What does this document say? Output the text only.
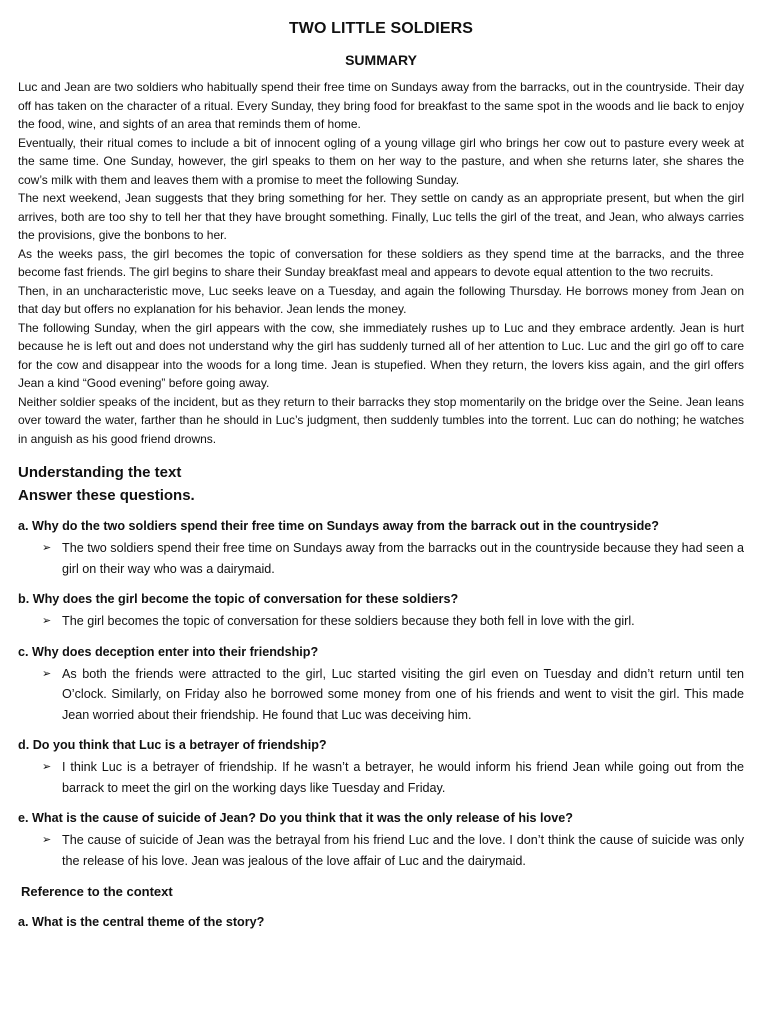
TWO LITTLE SOLDIERS
SUMMARY

Luc and Jean are two soldiers who habitually spend their free time on Sundays away from the barracks, out in the countryside. Their day off has taken on the character of a ritual. Every Sunday, they bring food for breakfast to the same spot in the woods and lie back to enjoy the food, wine, and sights of an area that reminds them of home.

Eventually, their ritual comes to include a bit of innocent ogling of a young village girl who brings her cow out to pasture every week at the same time. One Sunday, however, the girl speaks to them on her way to the pasture, and when she returns later, she shares the cow’s milk with them and leaves them with a promise to meet the following Sunday.

The next weekend, Jean suggests that they bring something for her. They settle on candy as an appropriate present, but when the girl arrives, both are too shy to tell her that they have brought something. Finally, Luc tells the girl of the treat, and Jean, who always carries the provisions, give the bonbons to her.

As the weeks pass, the girl becomes the topic of conversation for these soldiers as they spend time at the barracks, and the three become fast friends. The girl begins to share their Sunday breakfast meal and appears to devote equal attention to the two recruits.

Then, in an uncharacteristic move, Luc seeks leave on a Tuesday, and again the following Thursday. He borrows money from Jean on that day but offers no explanation for his behavior. Jean lends the money.

The following Sunday, when the girl appears with the cow, she immediately rushes up to Luc and they embrace ardently. Jean is hurt because he is left out and does not understand why the girl has suddenly turned all of her attention to Luc. Luc and the girl go off to care for the cow and disappear into the woods for a long time. Jean is stupefied. When they return, the lovers kiss again, and the girl offers Jean a kind “Good evening” before going away.

Neither soldier speaks of the incident, but as they return to their barracks they stop momentarily on the bridge over the Seine. Jean leans over toward the water, farther than he should in Luc’s judgment, then suddenly tumbles into the torrent. Luc can do nothing; he watches in anguish as his good friend drowns.

Understanding the text
Answer these questions.
a. Why do the two soldiers spend their free time on Sundays away from the barrack out in the countryside?
➢ The two soldiers spend their free time on Sundays away from the barracks out in the countryside because they had seen a girl on their way who was a dairymaid.
b. Why does the girl become the topic of conversation for these soldiers?
➢ The girl becomes the topic of conversation for these soldiers because they both fell in love with the girl.
c. Why does deception enter into their friendship?
➢ As both the friends were attracted to the girl, Luc started visiting the girl even on Tuesday and didn’t return until ten O’clock. Similarly, on Friday also he borrowed some money from one of his friends and went to visit the girl. This made Jean worried about their friendship. He found that Luc was deceiving him.
d. Do you think that Luc is a betrayer of friendship?
➢ I think Luc is a betrayer of friendship. If he wasn’t a betrayer, he would inform his friend Jean while going out from the barrack to meet the girl on the working days like Tuesday and Friday.
e. What is the cause of suicide of Jean? Do you think that it was the only release of his love?
➢ The cause of suicide of Jean was the betrayal from his friend Luc and the love. I don’t think the cause of suicide was only the release of his love. Jean was jealous of the love affair of Luc and the dairymaid.
Reference to the context
a. What is the central theme of the story?
